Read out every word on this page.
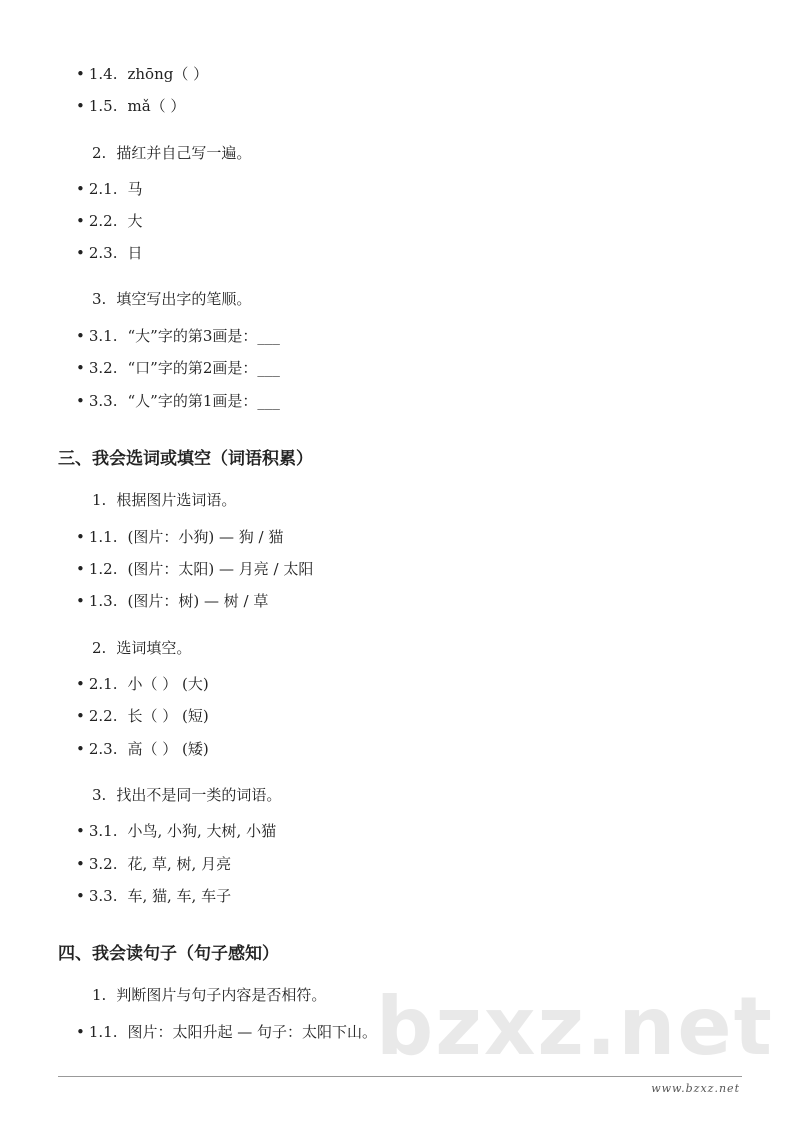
bzxz.net
• 1.4. zhōng（ ）
• 1.5. mǎ（ ）
2. 描红并自己写一遍。
• 2.1. 马
• 2.2. 大
• 2.3. 日
3. 填空写出字的笔顺。
• 3.1. “大”字的第3画是：___
• 3.2. “口”字的第2画是：___
• 3.3. “人”字的第1画是：___
三、我会选词或填空（词语积累）
1. 根据图片选词语。
• 1.1. (图片：小狗) — 狗 / 猫
• 1.2. (图片：太阳) — 月亮 / 太阳
• 1.3. (图片：树) — 树 / 草
2. 选词填空。
• 2.1. 小（ ） (大)
• 2.2. 长（ ） (短)
• 2.3. 高（ ） (矮)
3. 找出不是同一类的词语。
• 3.1. 小鸟, 小狗, 大树, 小猫
• 3.2. 花, 草, 树, 月亮
• 3.3. 车, 猫, 车, 车子
四、我会读句子（句子感知）
1. 判断图片与句子内容是否相符。
• 1.1. 图片：太阳升起 — 句子：太阳下山。
www.bzxz.net
